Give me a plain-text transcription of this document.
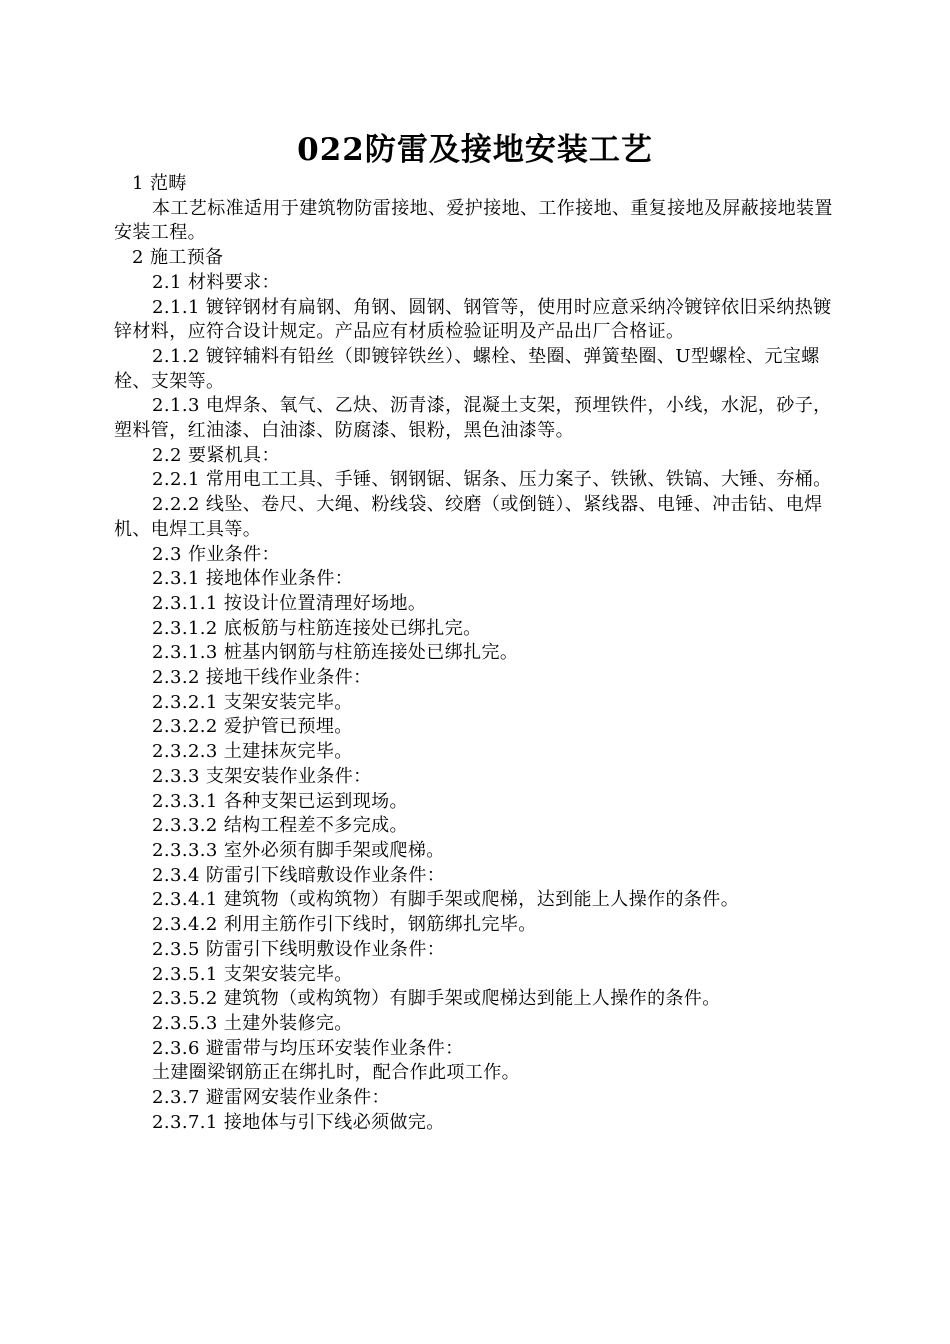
022防雷及接地安装工艺

1 范畴

本工艺标准适用于建筑物防雷接地、爱护接地、工作接地、重复接地及屏蔽接地装置安装工程。

2 施工预备

2.1 材料要求：

2.1.1 镀锌钢材有扁钢、角钢、圆钢、钢管等，使用时应意采纳冷镀锌依旧采纳热镀锌材料，应符合设计规定。产品应有材质检验证明及产品出厂合格证。

2.1.2 镀锌辅料有铅丝（即镀锌铁丝）、螺栓、垫圈、弹簧垫圈、U型螺栓、元宝螺栓、支架等。

2.1.3 电焊条、氧气、乙炔、沥青漆，混凝土支架，预埋铁件，小线，水泥，砂子，塑料管，红油漆、白油漆、防腐漆、银粉，黑色油漆等。

2.2 要紧机具：

2.2.1 常用电工工具、手锤、钢钢锯、锯条、压力案子、铁锹、铁镐、大锤、夯桶。

2.2.2 线坠、卷尺、大绳、粉线袋、绞磨（或倒链）、紧线器、电锤、冲击钻、电焊机、电焊工具等。

2.3 作业条件：

2.3.1 接地体作业条件：

2.3.1.1 按设计位置清理好场地。

2.3.1.2 底板筋与柱筋连接处已绑扎完。

2.3.1.3 桩基内钢筋与柱筋连接处已绑扎完。

2.3.2 接地干线作业条件：

2.3.2.1 支架安装完毕。

2.3.2.2 爱护管已预埋。

2.3.2.3 土建抹灰完毕。

2.3.3 支架安装作业条件：

2.3.3.1 各种支架已运到现场。

2.3.3.2 结构工程差不多完成。

2.3.3.3 室外必须有脚手架或爬梯。

2.3.4 防雷引下线暗敷设作业条件：

2.3.4.1 建筑物（或构筑物）有脚手架或爬梯，达到能上人操作的条件。

2.3.4.2 利用主筋作引下线时，钢筋绑扎完毕。

2.3.5 防雷引下线明敷设作业条件：

2.3.5.1 支架安装完毕。

2.3.5.2 建筑物（或构筑物）有脚手架或爬梯达到能上人操作的条件。

2.3.5.3 土建外装修完。

2.3.6 避雷带与均压环安装作业条件：

土建圈梁钢筋正在绑扎时，配合作此项工作。

2.3.7 避雷网安装作业条件：

2.3.7.1 接地体与引下线必须做完。
